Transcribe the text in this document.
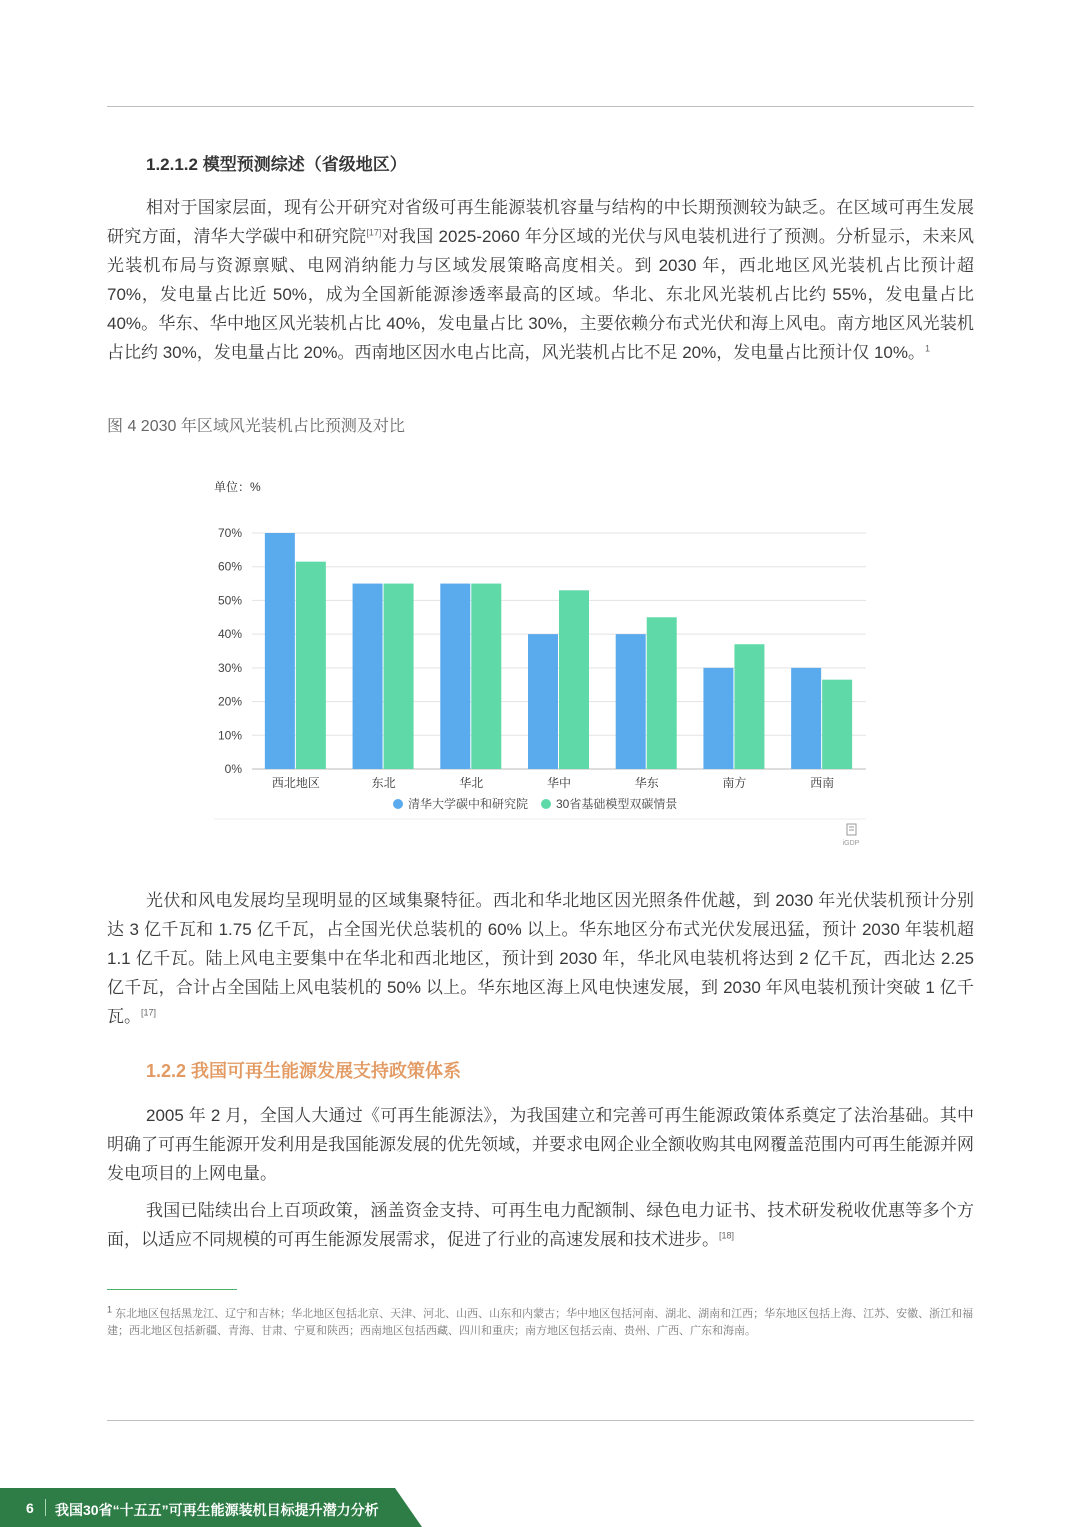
1.2.1.2 模型预测综述（省级地区）

相对于国家层面，现有公开研究对省级可再生能源装机容量与结构的中长期预测较为缺乏。在区域可再生发展研究方面，清华大学碳中和研究院[17]对我国 2025-2060 年分区域的光伏与风电装机进行了预测。分析显示，未来风光装机布局与资源禀赋、电网消纳能力与区域发展策略高度相关。到 2030 年，西北地区风光装机占比预计超 70%，发电量占比近 50%，成为全国新能源渗透率最高的区域。华北、东北风光装机占比约 55%，发电量占比 40%。华东、华中地区风光装机占比 40%，发电量占比 30%，主要依赖分布式光伏和海上风电。南方地区风光装机占比约 30%，发电量占比 20%。西南地区因水电占比高，风光装机占比不足 20%，发电量占比预计仅 10%。$^1$

图 4 2030 年区域风光装机占比预测及对比

单位：%
0%
10%
20%
30%
40%
50%
60%
70%
西北地区	东北	华北	华中	华东	南方	西南
清华大学碳中和研究院 30省基础模型双碳情景
iGDP

光伏和风电发展均呈现明显的区域集聚特征。西北和华北地区因光照条件优越，到 2030 年光伏装机预计分别达 3 亿千瓦和 1.75 亿千瓦，占全国光伏总装机的 60% 以上。华东地区分布式光伏发展迅猛，预计 2030 年装机超 1.1 亿千瓦。陆上风电主要集中在华北和西北地区，预计到 2030 年，华北风电装机将达到 2 亿千瓦，西北达 2.25 亿千瓦，合计占全国陆上风电装机的 50% 以上。华东地区海上风电快速发展，到 2030 年风电装机预计突破 1 亿千瓦。[17]

1.2.2 我国可再生能源发展支持政策体系

2005 年 2 月，全国人大通过《可再生能源法》，为我国建立和完善可再生能源政策体系奠定了法治基础。其中明确了可再生能源开发利用是我国能源发展的优先领域，并要求电网企业全额收购其电网覆盖范围内可再生能源并网发电项目的上网电量。

我国已陆续出台上百项政策，涵盖资金支持、可再生电力配额制、绿色电力证书、技术研发税收优惠等多个方面，以适应不同规模的可再生能源发展需求，促进了行业的高速发展和技术进步。[18]

$^1$ 东北地区包括黑龙江、辽宁和吉林；华北地区包括北京、天津、河北、山西、山东和内蒙古；华中地区包括河南、湖北、湖南和江西；华东地区包括上海、江苏、安徽、浙江和福建；西北地区包括新疆、青海、甘肃、宁夏和陕西；西南地区包括西藏、四川和重庆；南方地区包括云南、贵州、广西、广东和海南。

6 我国30省“十五五”可再生能源装机目标提升潜力分析
